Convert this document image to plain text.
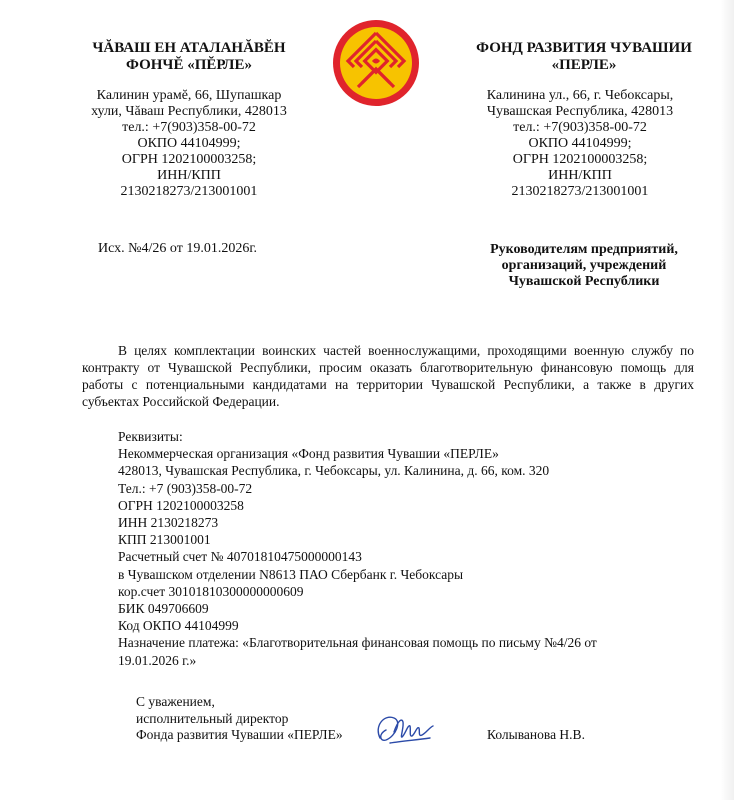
ЧĂВАШ ЕН АТАЛАНĂВĔН
ФОНЧĔ «ПĔРЛЕ»
ФОНД РАЗВИТИЯ ЧУВАШИИ
«ПЕРЛЕ»
Калинин урамĕ, 66, Шупашкар
хули, Чăваш Республики, 428013
тел.: +7(903)358-00-72
ОКПО 44104999;
ОГРН 1202100003258;
ИНН/КПП
2130218273/213001001
Калинина ул., 66, г. Чебоксары,
Чувашская Республика, 428013
тел.: +7(903)358-00-72
ОКПО 44104999;
ОГРН 1202100003258;
ИНН/КПП
2130218273/213001001
Исх. №4/26 от 19.01.2026г.	Руководителям предприятий,
организаций, учреждений
Чувашской Республики
В целях комплектации воинских частей военнослужащими, проходящими военную службу по контракту от Чувашской Республики, просим оказать благотворительную финансовую помощь для работы с потенциальными кандидатами на территории Чувашской Республики, а также в других субъектах Российской Федерации.
Реквизиты:
Некоммерческая организация «Фонд развития Чувашии «ПЕРЛЕ»
428013, Чувашская Республика, г. Чебоксары, ул. Калинина, д. 66, ком. 320
Тел.: +7 (903)358-00-72
ОГРН 1202100003258
ИНН 2130218273
КПП 213001001
Расчетный счет № 40701810475000000143
в Чувашском отделении N8613 ПАО Сбербанк г. Чебоксары
кор.счет 30101810300000000609
БИК 049706609
Код ОКПО 44104999
Назначение платежа: «Благотворительная финансовая помощь по письму №4/26 от
19.01.2026 г.»
С уважением,
исполнительный директор
Фонда развития Чувашии «ПЕРЛЕ»	Колыванова Н.В.
